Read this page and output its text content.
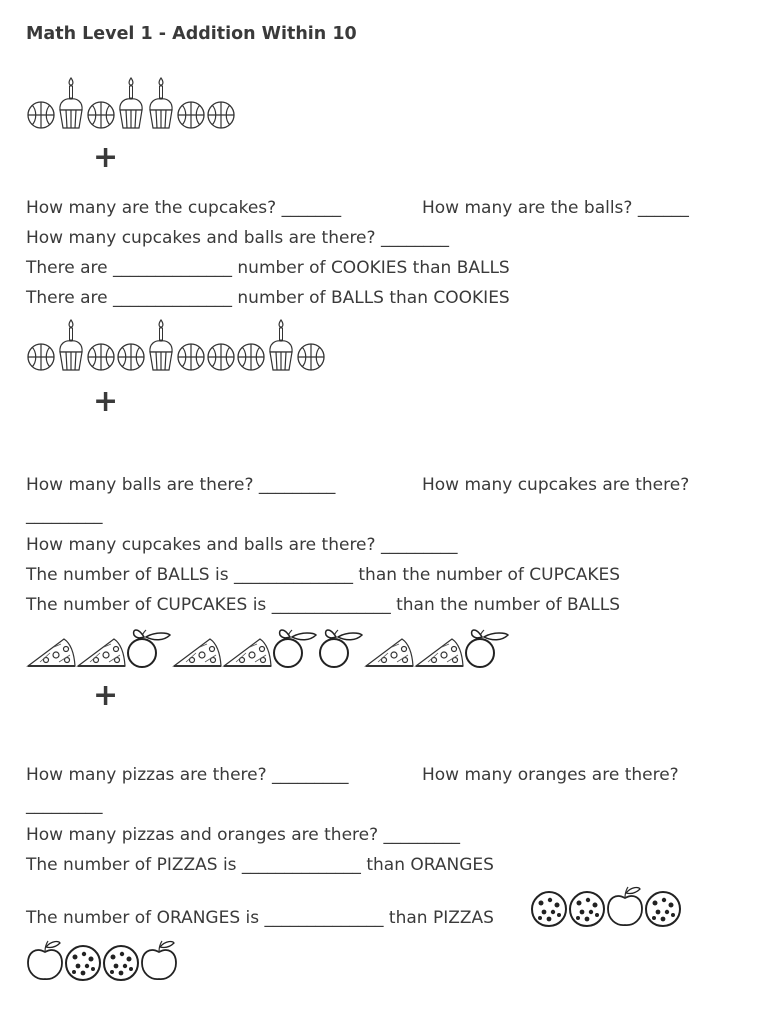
Math Level 1 - Addition Within 10
+
How many are the cupcakes? _______	How many are the balls? ______
How many cupcakes and balls are there? ________
There are ______________ number of COOKIES than BALLS
There are ______________ number of BALLS than COOKIES
+
How many balls are there? _________	How many cupcakes are there?
_________
How many cupcakes and balls are there? _________
The number of BALLS is ______________ than the number of CUPCAKES
The number of CUPCAKES is ______________ than the number of BALLS
+
How many pizzas are there? _________	How many oranges are there?
_________
How many pizzas and oranges are there? _________
The number of PIZZAS is ______________ than ORANGES
The number of ORANGES is ______________ than PIZZAS
